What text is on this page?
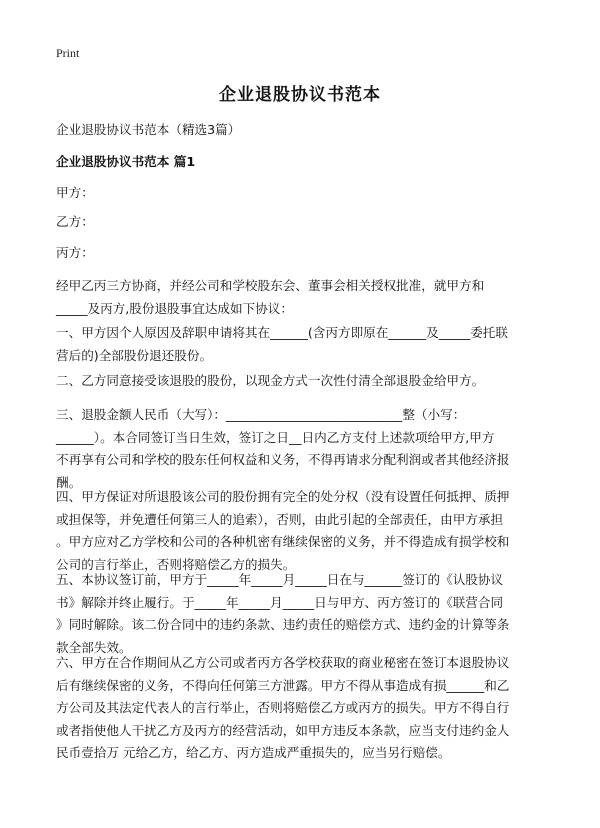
Print
企业退股协议书范本

企业退股协议书范本（精选3篇）

企业退股协议书范本 篇1

甲方：

乙方：

丙方：

经甲乙丙三方协商，并经公司和学校股东会、董事会相关授权批准，就甲方和
_____及丙方,股份退股事宜达成如下协议：

一、甲方因个人原因及辞职申请将其在______(含丙方即原在______及_____委托联
营后的)全部股份退还股份。

二、乙方同意接受该退股的股份，以现金方式一次性付清全部退股金给甲方。

三、退股金额人民币（大写）：____________________________整（小写：
______）。本合同签订当日生效，签订之日__日内乙方支付上述款项给甲方,甲方
不再享有公司和学校的股东任何权益和义务，不得再请求分配利润或者其他经济报
酬。

四、甲方保证对所退股该公司的股份拥有完全的处分权（没有设置任何抵押、质押
或担保等，并免遭任何第三人的追索），否则，由此引起的全部责任，由甲方承担
。甲方应对乙方学校和公司的各种机密有继续保密的义务，并不得造成有损学校和
公司的言行举止，否则将赔偿乙方的损失。

五、本协议签订前，甲方于_____年_____月_____日在与______签订的《认股协议
书》解除并终止履行。于_____年_____月_____日与甲方、丙方签订的《联营合同
》同时解除。该二份合同中的违约条款、违约责任的赔偿方式、违约金的计算等条
款全部失效。

六、甲方在合作期间从乙方公司或者丙方各学校获取的商业秘密在签订本退股协议
后有继续保密的义务，不得向任何第三方泄露。甲方不得从事造成有损______和乙
方公司及其法定代表人的言行举止，否则将赔偿乙方或丙方的损失。甲方不得自行
或者指使他人干扰乙方及丙方的经营活动，如甲方违反本条款，应当支付违约金人
民币壹拾万 元给乙方，给乙方、丙方造成严重损失的，应当另行赔偿。
